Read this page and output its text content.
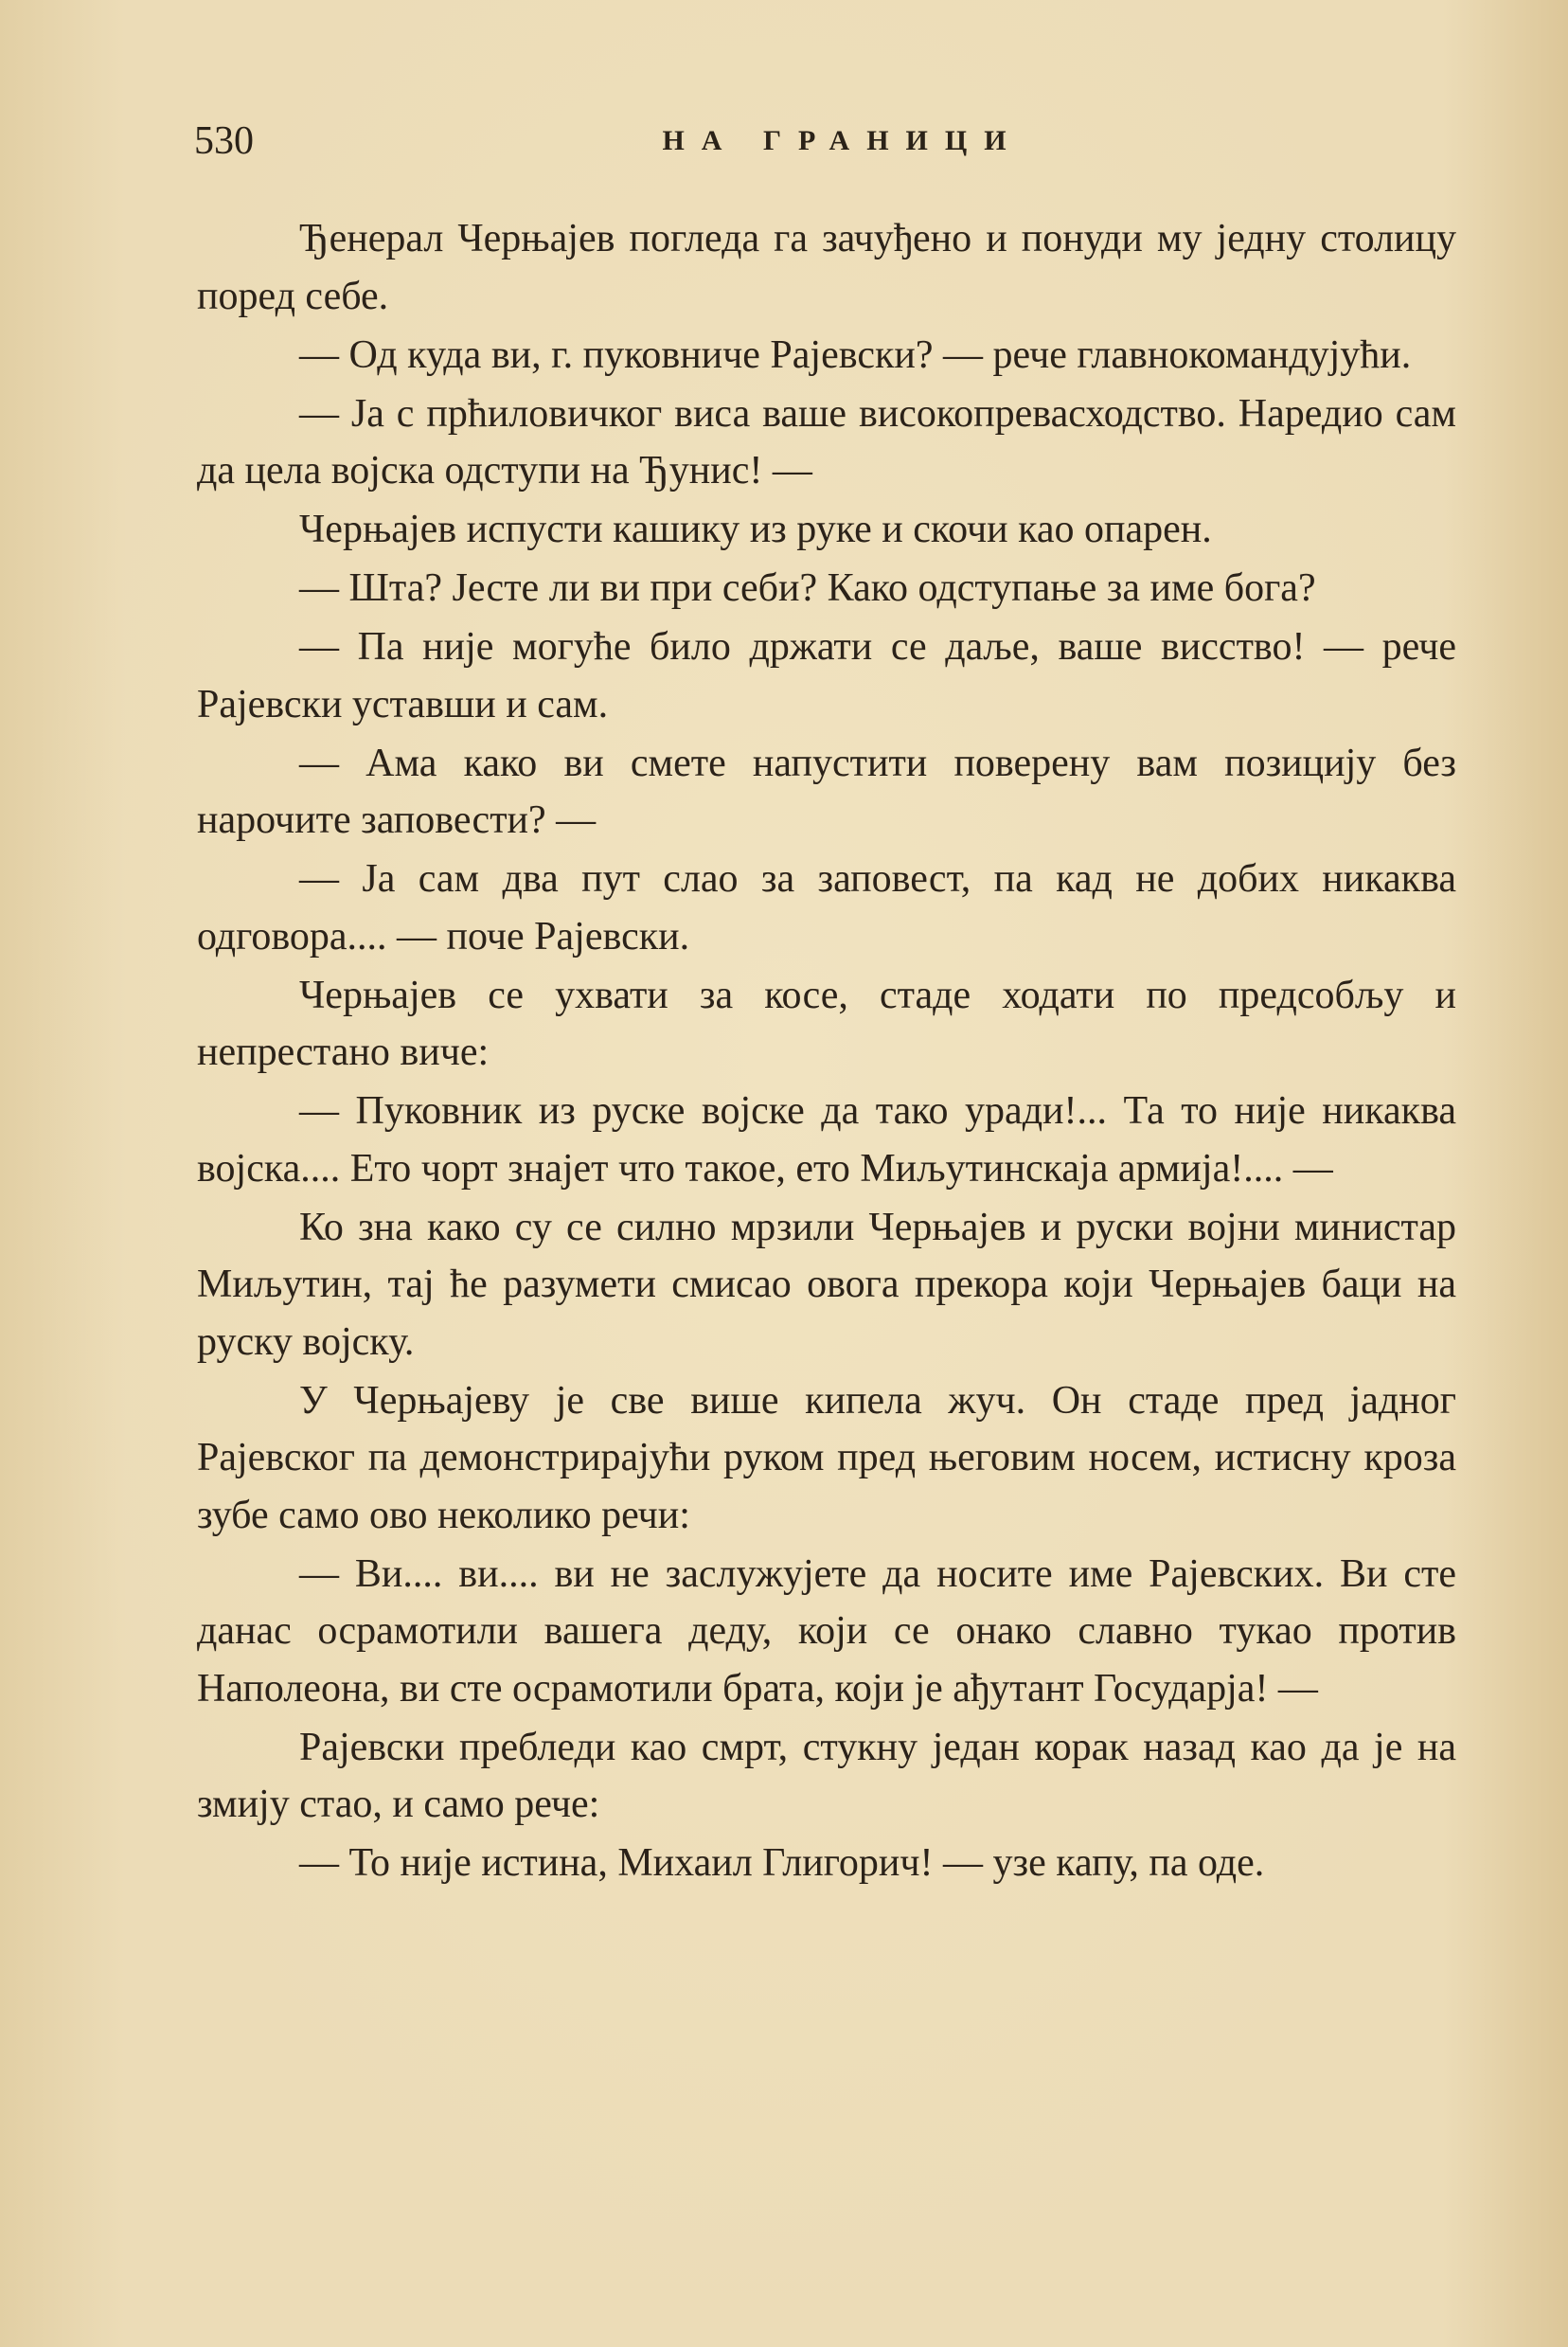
530	НА ГРАНИЦИ

Ђенерал Черњајев погледа га зачуђено и понуди му једну столицу поред себе.

— Од куда ви, г. пуковниче Рајевски? — рече главнокомандујући.

— Ја с прћиловичког виса ваше високопревасходство. Наредио сам да цела војска одступи на Ђунис! —

Черњајев испусти кашику из руке и скочи као опарен.

— Шта? Јесте ли ви при себи? Како одступање за име бога?

— Па није могуће било држати се даље, ваше висство! — рече Рајевски уставши и сам.

— Ама како ви смете напустити поверену вам позицију без нарочите заповести? —

— Ја сам два пут слао за заповест, па кад не добих никаква одговора.... — поче Рајевски.

Черњајев се ухвати за косе, стаде ходати по предсобљу и непрестано виче:

— Пуковник из руске војске да тако уради!... Та то није никаква војска.... Ето чорт знајет что такое, ето Миљутинскаја армија!.... —

Ко зна како су се силно мрзили Черњајев и руски војни министар Миљутин, тај ће разумети смисао овога прекора који Черњајев баци на руску војску.

У Черњајеву је све више кипела жуч. Он стаде пред јадног Рајевског па демонстрирајући руком пред његовим носем, истисну кроза зубе само ово неколико речи:

— Ви.... ви.... ви не заслужујете да носите име Рајевских. Ви сте данас осрамотили вашега деду, који се онако славно тукао против Наполеона, ви сте осрамотили брата, који је ађутант Государја! —

Рајевски пребледи као смрт, стукну један корак назад као да је на змију стао, и само рече:

— То није истина, Михаил Глигорич! — узе капу, па оде.
